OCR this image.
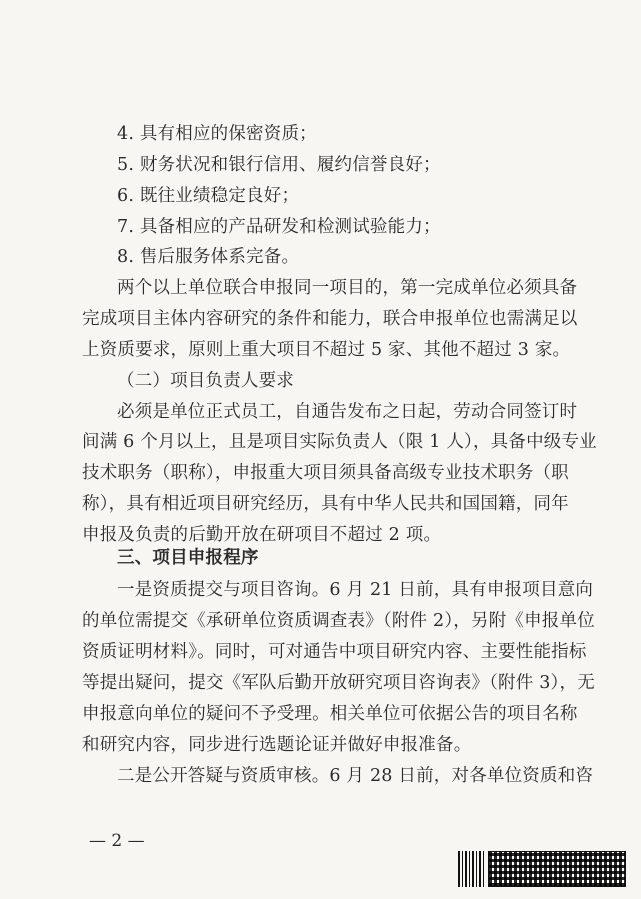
4. 具有相应的保密资质；
5. 财务状况和银行信用、履约信誉良好；
6. 既往业绩稳定良好；
7. 具备相应的产品研发和检测试验能力；
8. 售后服务体系完备。
两个以上单位联合申报同一项目的，第一完成单位必须具备
完成项目主体内容研究的条件和能力，联合申报单位也需满足以
上资质要求，原则上重大项目不超过 5 家、其他不超过 3 家。
（二）项目负责人要求
必须是单位正式员工，自通告发布之日起，劳动合同签订时
间满 6 个月以上，且是项目实际负责人（限 1 人），具备中级专业
技术职务（职称），申报重大项目须具备高级专业技术职务（职
称），具有相近项目研究经历，具有中华人民共和国国籍，同年
申报及负责的后勤开放在研项目不超过 2 项。
三、项目申报程序
一是资质提交与项目咨询。6 月 21 日前，具有申报项目意向
的单位需提交《承研单位资质调查表》（附件 2），另附《申报单位
资质证明材料》。同时，可对通告中项目研究内容、主要性能指标
等提出疑问，提交《军队后勤开放研究项目咨询表》（附件 3），无
申报意向单位的疑问不予受理。相关单位可依据公告的项目名称
和研究内容，同步进行选题论证并做好申报准备。
二是公开答疑与资质审核。6 月 28 日前，对各单位资质和咨
— 2 —
